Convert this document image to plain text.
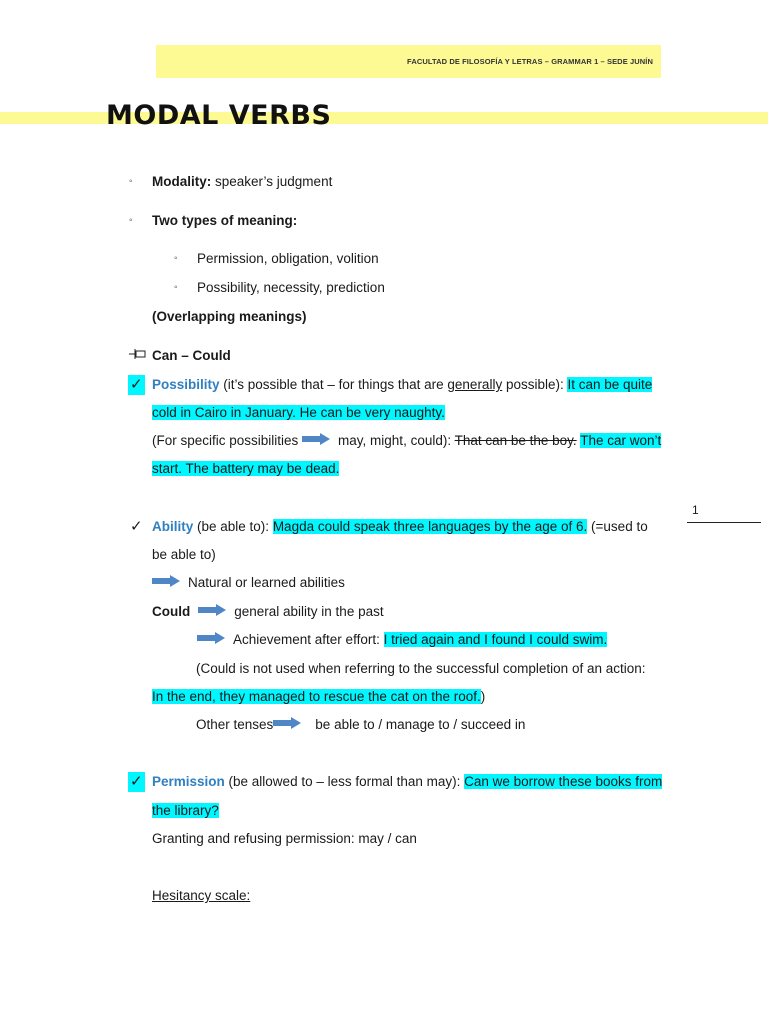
FACULTAD DE FILOSOFÍA Y LETRAS – GRAMMAR 1 – SEDE JUNÍN
MODAL VERBS
◦ Modality: speaker’s judgment
◦ Two types of meaning:
◦ Permission, obligation, volition
◦ Possibility, necessity, prediction
(Overlapping meanings)
Can – Could
✓ Possibility (it’s possible that – for things that are generally possible): It can be quite
cold in Cairo in January. He can be very naughty.
(For specific possibilities	may, might, could): That can be the boy. The car won’t
start. The battery may be dead.
1
✓ Ability (be able to): Magda could speak three languages by the age of 6. (=used to
be able to)
Natural or learned abilities
Could	general ability in the past
Achievement after effort: I tried again and I found I could swim.
(Could is not used when referring to the successful completion of an action:
In the end, they managed to rescue the cat on the roof.)
Other tenses	be able to / manage to / succeed in
✓ Permission (be allowed to – less formal than may): Can we borrow these books from
the library?
Granting and refusing permission: may / can
Hesitancy scale:
